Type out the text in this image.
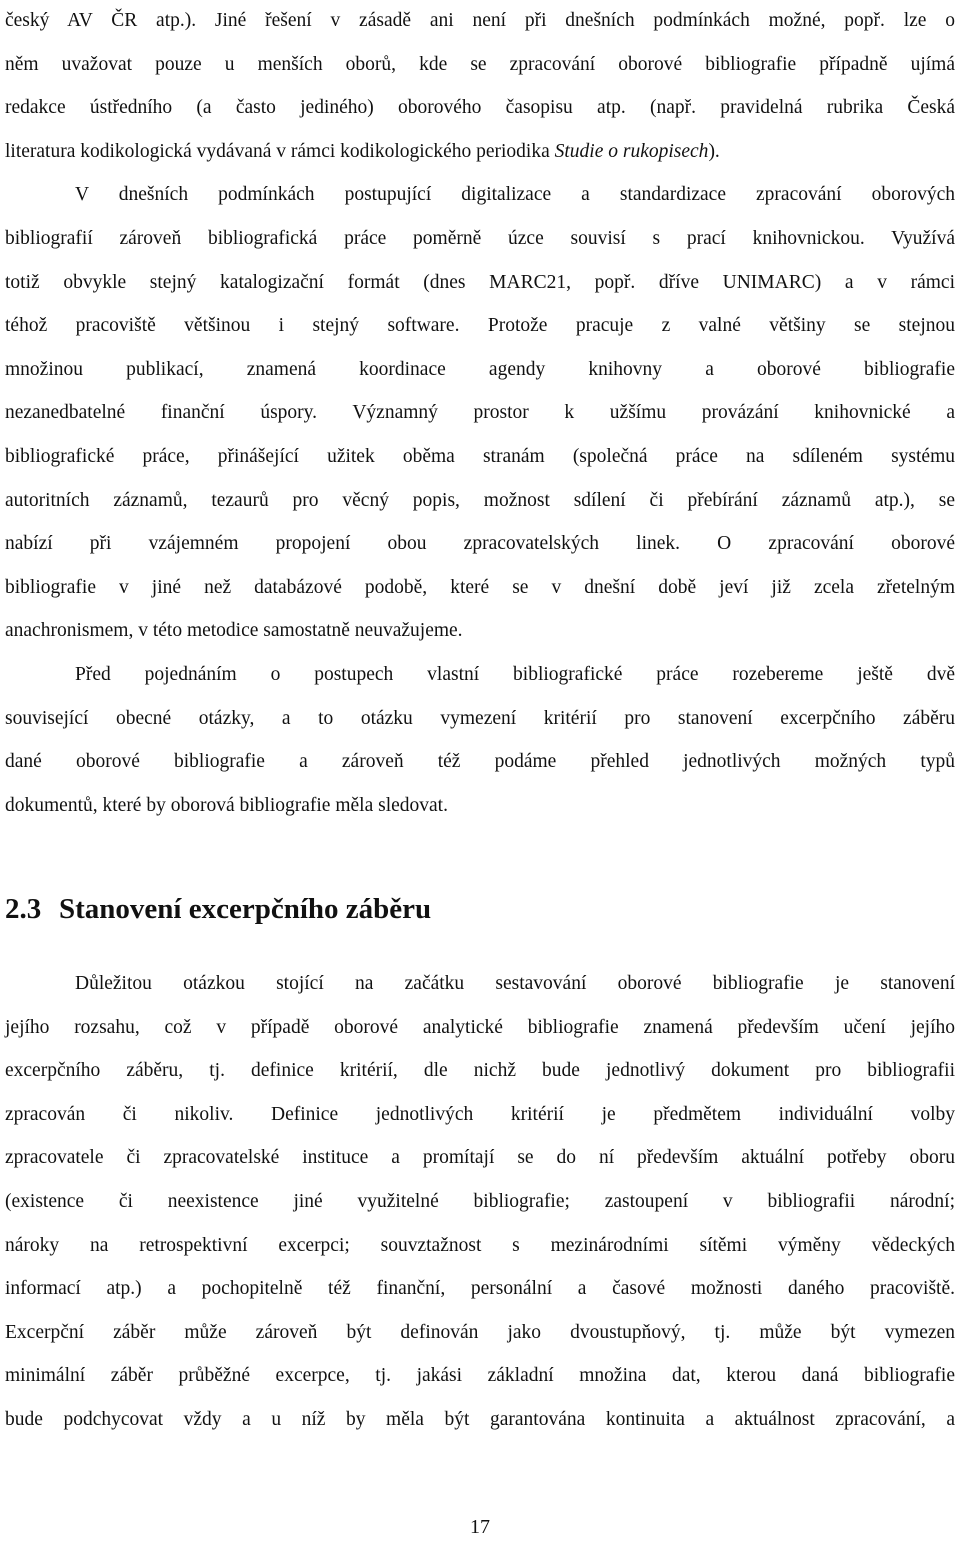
český AV ČR atp.). Jiné řešení v zásadě ani není při dnešních podmínkách možné, popř. lze o
něm uvažovat pouze u menších oborů, kde se zpracování oborové bibliografie případně ujímá
redakce ústředního (a často jediného) oborového časopisu atp. (např. pravidelná rubrika Česká
literatura kodikologická vydávaná v rámci kodikologického periodika Studie o rukopisech).
V dnešních podmínkách postupující digitalizace a standardizace zpracování oborových
bibliografií zároveň bibliografická práce poměrně úzce souvisí s prací knihovnickou. Využívá
totiž obvykle stejný katalogizační formát (dnes MARC21, popř. dříve UNIMARC) a v rámci
téhož pracoviště většinou i stejný software. Protože pracuje z valné většiny se stejnou
množinou publikací, znamená koordinace agendy knihovny a oborové bibliografie
nezanedbatelné finanční úspory. Významný prostor k užšímu provázání knihovnické a
bibliografické práce, přinášející užitek oběma stranám (společná práce na sdíleném systému
autoritních záznamů, tezaurů pro věcný popis, možnost sdílení či přebírání záznamů atp.), se
nabízí při vzájemném propojení obou zpracovatelských linek. O zpracování oborové
bibliografie v jiné než databázové podobě, které se v dnešní době jeví již zcela zřetelným
anachronismem, v této metodice samostatně neuvažujeme.
Před pojednáním o postupech vlastní bibliografické práce rozebereme ještě dvě
související obecné otázky, a to otázku vymezení kritérií pro stanovení excerpčního záběru
dané oborové bibliografie a zároveň též podáme přehled jednotlivých možných typů
dokumentů, které by oborová bibliografie měla sledovat.
2.3 Stanovení excerpčního záběru
Důležitou otázkou stojící na začátku sestavování oborové bibliografie je stanovení
jejího rozsahu, což v případě oborové analytické bibliografie znamená především učení jejího
excerpčního záběru, tj. definice kritérií, dle nichž bude jednotlivý dokument pro bibliografii
zpracován či nikoliv. Definice jednotlivých kritérií je předmětem individuální volby
zpracovatele či zpracovatelské instituce a promítají se do ní především aktuální potřeby oboru
(existence či neexistence jiné využitelné bibliografie; zastoupení v bibliografii národní;
nároky na retrospektivní excerpci; souvztažnost s mezinárodními sítěmi výměny vědeckých
informací atp.) a pochopitelně též finanční, personální a časové možnosti daného pracoviště.
Excerpční záběr může zároveň být definován jako dvoustupňový, tj. může být vymezen
minimální záběr průběžné excerpce, tj. jakási základní množina dat, kterou daná bibliografie
bude podchycovat vždy a u níž by měla být garantována kontinuita a aktuálnost zpracování, a
17
